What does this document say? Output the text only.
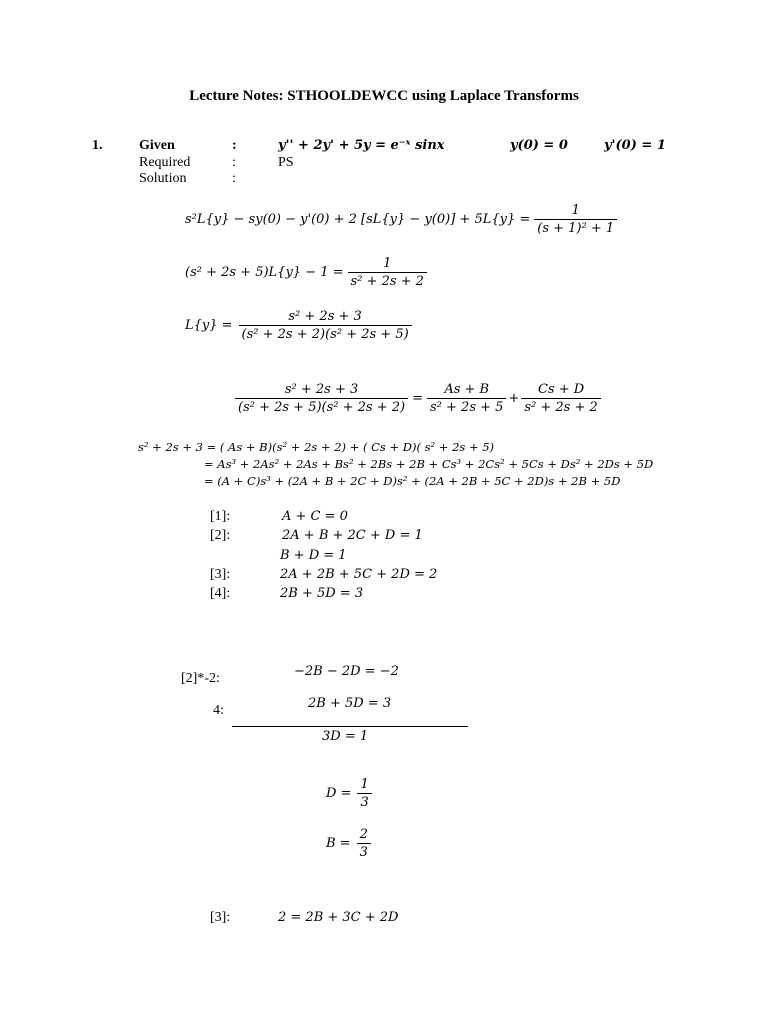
Lecture Notes: STHOOLDEWCC using Laplace Transforms
1.	Given	:	y'' + 2y' + 5y = e⁻ˣ sinx	y(0) = 0	y'(0) = 1
Required	:	PS
Solution	:
s²L{y} − sy(0) − y'(0) + 2 $[sL\{y\} - y(0)] + 5L\{y\} = \frac{1}{\text{(s + 1)² + 1}}$
$(s^2 + 2s + 5)L\{y\} - 1 = \frac{1}{\text{s² + 2s + 2}}$
$L\{y\} = \frac{\text{s² + 2s + 3}}{\text{(s² + 2s + 2)(s² + 2s + 5)}}$
$\frac{\text{s² + 2s + 3}}{\text{(s² + 2s + 5)(s² + 2s + 2)}} = \frac{As + B}{\text{s² + 2s + 5}} + \frac{Cs + D}{\text{s² + 2s + 2}}$
s² + 2s + 3 = ( As + B)(s² + 2s + 2) + ( Cs + D)( s² + 2s + 5)
= As³ + 2As² + 2As + Bs² + 2Bs + 2B + Cs³ + 2Cs² + 5Cs + Ds² + 2Ds + 5D
= (A + C)s³ + (2A + B + 2C + D)s² + (2A + 2B + 5C + 2D)s + 2B + 5D
[1]:	A + C = 0
[2]:	2A + B + 2C + D = 1
B + D = 1
[3]:	2A + 2B + 5C + 2D = 2
[4]:	2B + 5D = 3
[2]*-2:	−2B − 2D = −2
4:	2B + 5D = 3
3D = 1
$D = \frac{1}{3}$
$B = \frac{2}{3}$
[3]:	2 = 2B + 3C + 2D
